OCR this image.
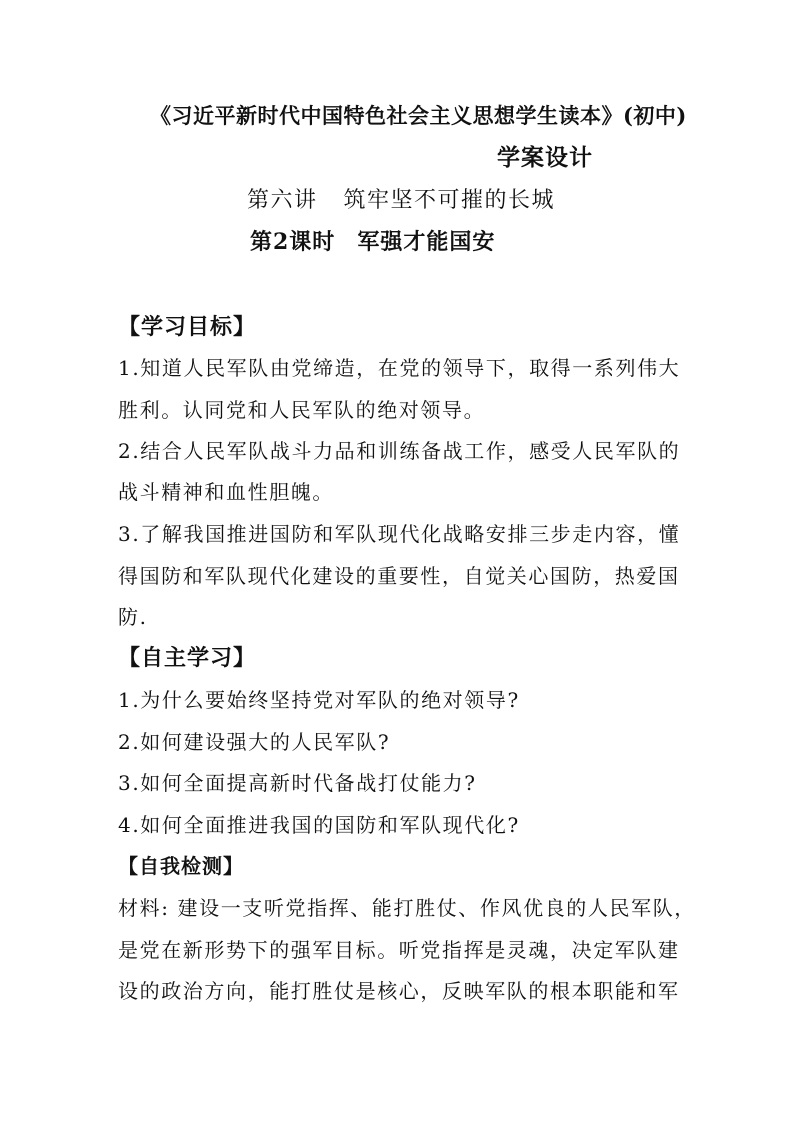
《习近平新时代中国特色社会主义思想学生读本》(初中)
学案设计
第六讲 筑牢坚不可摧的长城
第2课时 军强才能国安
【学习目标】
1.知道人民军队由党缔造，在党的领导下，取得一系列伟大
胜利。认同党和人民军队的绝对领导。
2.结合人民军队战斗力品和训练备战工作，感受人民军队的
战斗精神和血性胆魄。
3.了解我国推进国防和军队现代化战略安排三步走内容，懂
得国防和军队现代化建设的重要性，自觉关心国防，热爱国
防.
【自主学习】
1.为什么要始终坚持党对军队的绝对领导?
2.如何建设强大的人民军队?
3.如何全面提高新时代备战打仗能力?
4.如何全面推进我国的国防和军队现代化?
【自我检测】
材料: 建设一支听党指挥、能打胜仗、作风优良的人民军队，
是党在新形势下的强军目标。听党指挥是灵魂，决定军队建
设的政治方向，能打胜仗是核心，反映军队的根本职能和军
